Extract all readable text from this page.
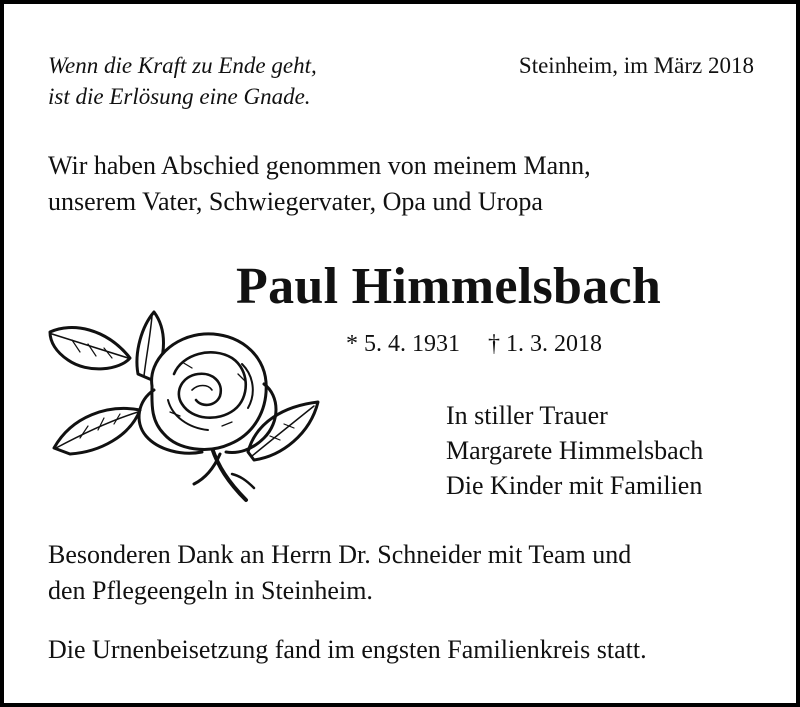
Wenn die Kraft zu Ende geht,
ist die Erlösung eine Gnade.

Steinheim, im März 2018

Wir haben Abschied genommen von meinem Mann,
unserem Vater, Schwiegervater, Opa und Uropa

Paul Himmelsbach

* 5. 4. 1931 † 1. 3. 2018

In stiller Trauer
Margarete Himmelsbach
Die Kinder mit Familien

Besonderen Dank an Herrn Dr. Schneider mit Team und
den Pflegeengeln in Steinheim.

Die Urnenbeisetzung fand im engsten Familienkreis statt.
